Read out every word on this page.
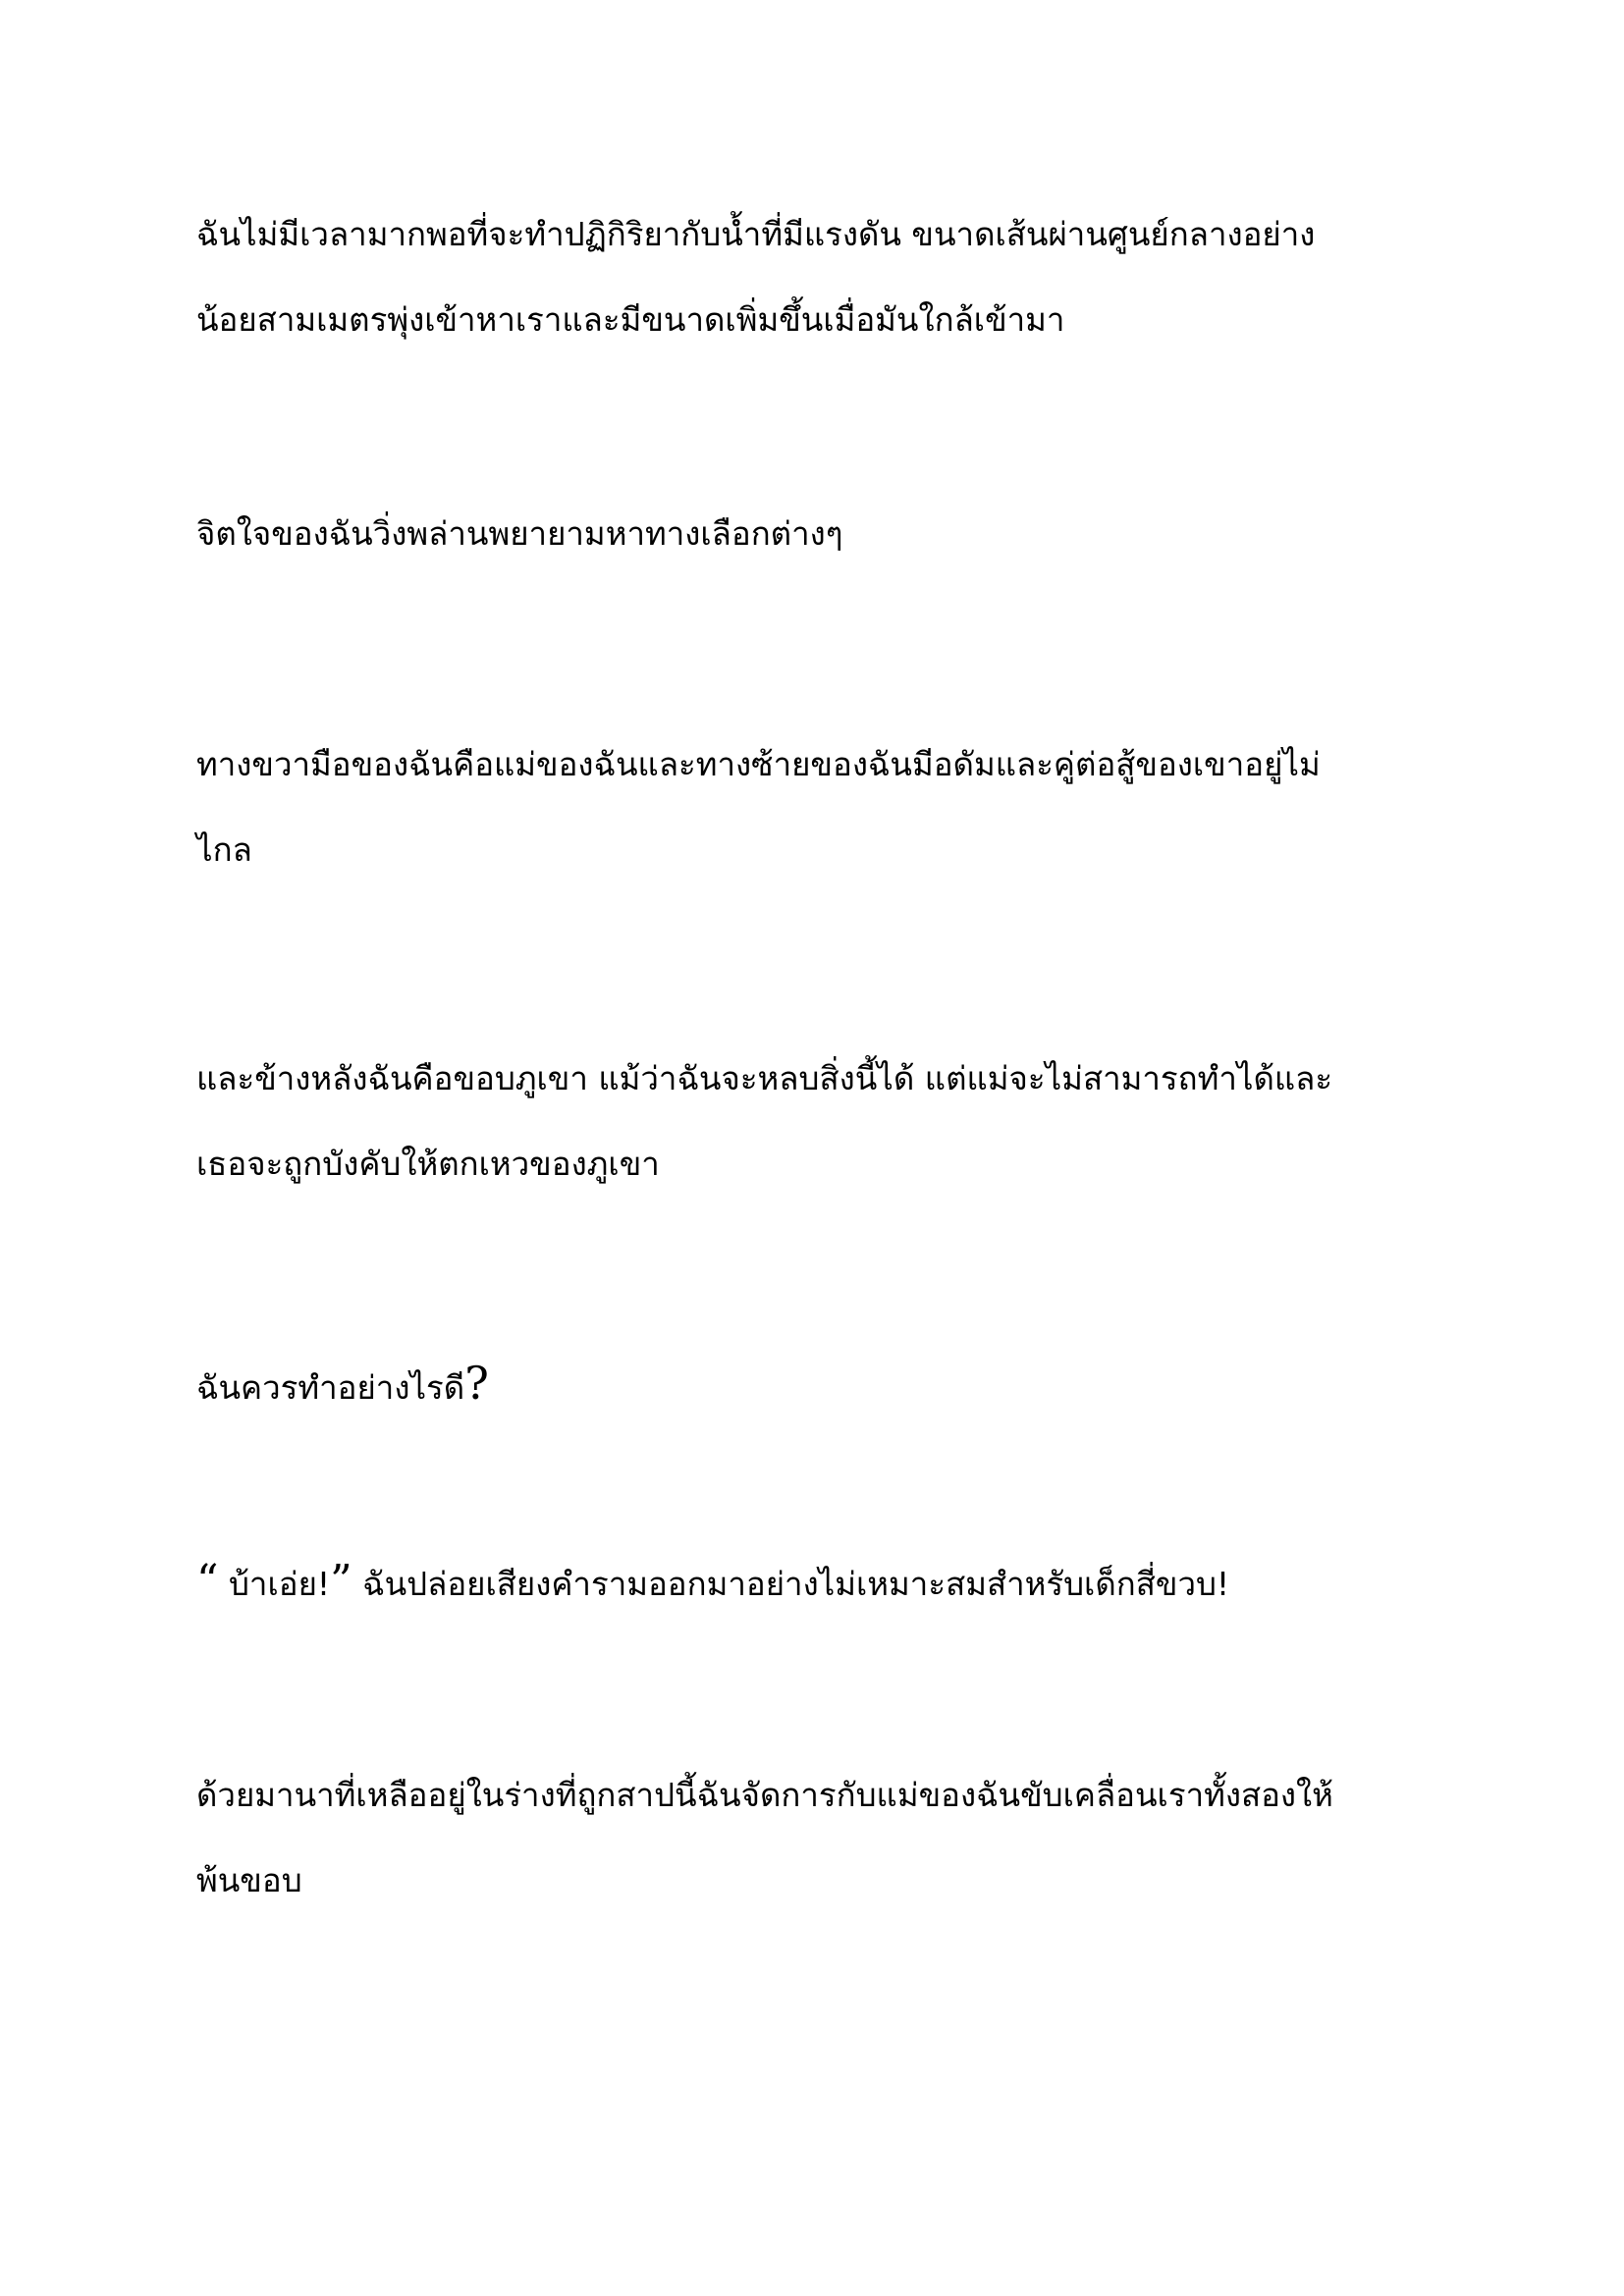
ฉันไม่มีเวลามากพอที่จะทำปฏิกิริยากับน้ำที่มีแรงดัน ขนาดเส้นผ่านศูนย์กลางอย่าง
น้อยสามเมตรพุ่งเข้าหาเราและมีขนาดเพิ่มขึ้นเมื่อมันใกล้เข้ามา

จิตใจของฉันวิ่งพล่านพยายามหาทางเลือกต่างๆ

ทางขวามือของฉันคือแม่ของฉันและทางซ้ายของฉันมีอดัมและคู่ต่อสู้ของเขาอยู่ไม่
ไกล

และข้างหลังฉันคือขอบภูเขา แม้ว่าฉันจะหลบสิ่งนี้ได้ แต่แม่จะไม่สามารถทำได้และ
เธอจะถูกบังคับให้ตกเหวของภูเขา

ฉันควรทำอย่างไรดี?

“ บ้าเอ่ย!” ฉันปล่อยเสียงคำรามออกมาอย่างไม่เหมาะสมสำหรับเด็กสี่ขวบ!

ด้วยมานาที่เหลืออยู่ในร่างที่ถูกสาปนี้ฉันจัดการกับแม่ของฉันขับเคลื่อนเราทั้งสองให้
พ้นขอบ
